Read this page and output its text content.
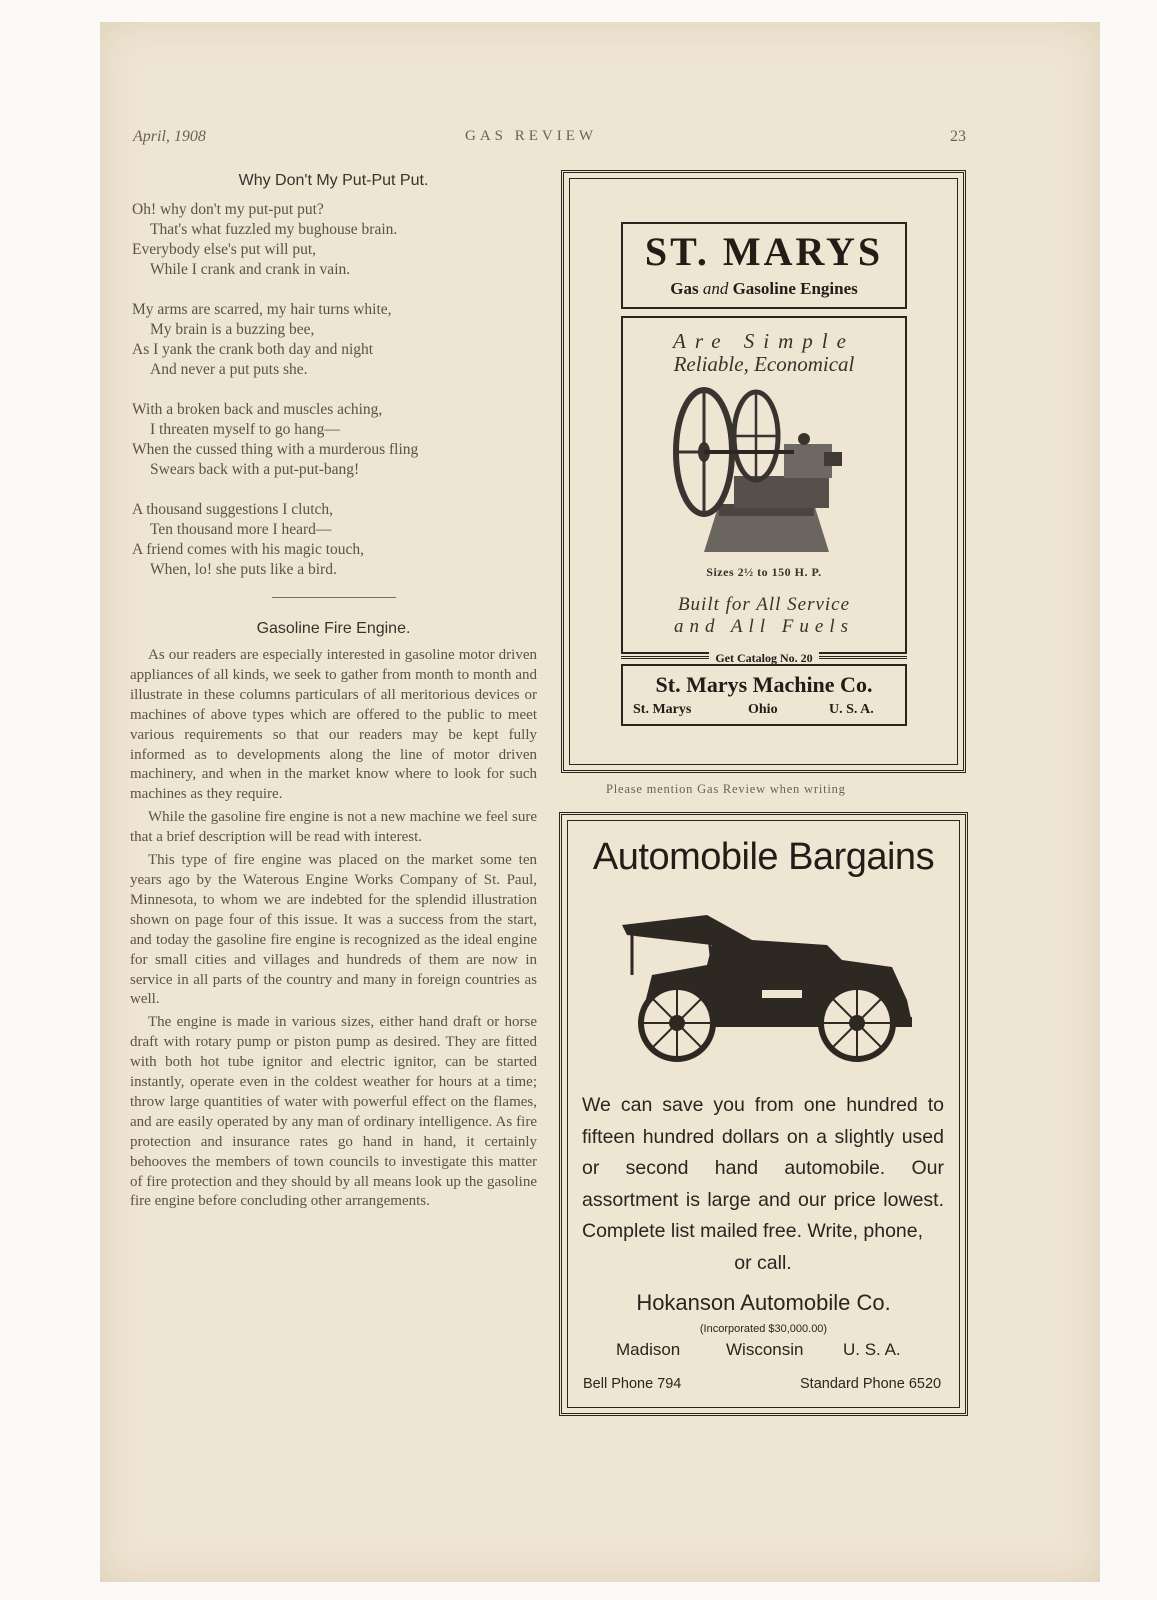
April, 1908	GAS REVIEW	23
Why Don't My Put-Put Put.
Oh! why don't my put-put put?
That's what fuzzled my bughouse brain.
Everybody else's put will put,
While I crank and crank in vain.
My arms are scarred, my hair turns white,
My brain is a buzzing bee,
As I yank the crank both day and night
And never a put puts she.
With a broken back and muscles aching,
I threaten myself to go hang—
When the cussed thing with a murderous fling
Swears back with a put-put-bang!
A thousand suggestions I clutch,
Ten thousand more I heard—
A friend comes with his magic touch,
When, lo! she puts like a bird.
Gasoline Fire Engine.

As our readers are especially interested in gasoline motor driven appliances of all kinds, we seek to gather from month to month and illustrate in these columns particulars of all meritorious devices or machines of above types which are offered to the public to meet various requirements so that our readers may be kept fully informed as to developments along the line of motor driven machinery, and when in the market know where to look for such machines as they require.

While the gasoline fire engine is not a new machine we feel sure that a brief description will be read with interest.

This type of fire engine was placed on the market some ten years ago by the Waterous Engine Works Company of St. Paul, Minnesota, to whom we are indebted for the splendid illustration shown on page four of this issue. It was a success from the start, and today the gasoline fire engine is recognized as the ideal engine for small cities and villages and hundreds of them are now in service in all parts of the country and many in foreign countries as well.

The engine is made in various sizes, either hand draft or horse draft with rotary pump or piston pump as desired. They are fitted with both hot tube ignitor and electric ignitor, can be started instantly, operate even in the coldest weather for hours at a time; throw large quantities of water with powerful effect on the flames, and are easily operated by any man of ordinary intelligence. As fire protection and insurance rates go hand in hand, it certainly behooves the members of town councils to investigate this matter of fire protection and they should by all means look up the gasoline fire engine before concluding other arrangements.

ST. MARYS
Gas and Gasoline Engines
Are Simple
Reliable, Economical
Sizes 2½ to 150 H. P.
Built for All Service
and All Fuels
Get Catalog No. 20
St. Marys Machine Co.
St. Marys	Ohio	U. S. A.
Please mention Gas Review when writing
Automobile Bargains
We can save you from one hundred to fifteen hundred dollars on a slightly used or second hand automobile. Our assortment is large and our price lowest. Complete list mailed free. Write, phone,
or call.
Hokanson Automobile Co.
(Incorporated $30,000.00)
Madison	Wisconsin U. S. A.
Bell Phone 794	Standard Phone 6520
